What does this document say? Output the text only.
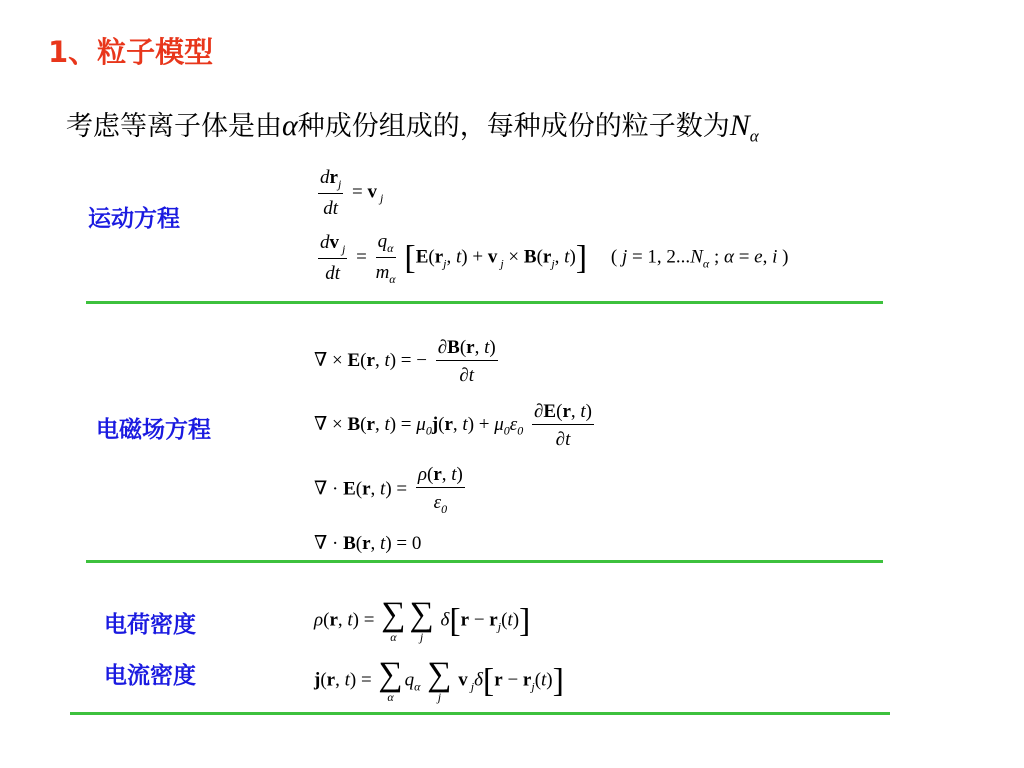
1、粒子模型
考虑等离子体是由α种成份组成的，每种成份的粒子数为$N_\alpha$
运动方程
$\frac{dr_j}{dt} = v$ $_j$
$\frac{dv _j}{dt} = \frac{q_\alpha}{m_\alpha} [E(r_j$, t) + v $_j \times B(r_j$, t)]     ( j = 1, $2...N_\alpha$ ; α = e, i )
电磁场方程
∇ × E(r, t) = − $\frac{\partial B(r, t)}{\partial t}$
∇ × B(r, $t) = \mu_0j(r$, $t) + \mu_0\varepsilon_0 \frac{\partial E(r, t)}{\partial t}$
∇ · E(r, $t) = \frac{\rho(r, t)}{\varepsilon_0}$
∇ · B(r, t) = 0
电荷密度
电流密度
ρ(r, t) = ∑
α
∑
j
$\delta[r - r_j(t)]$
j(r, t) = ∑
α
$q_\alpha$ ∑
j
v $_j\delta[r - r_j(t)]$
